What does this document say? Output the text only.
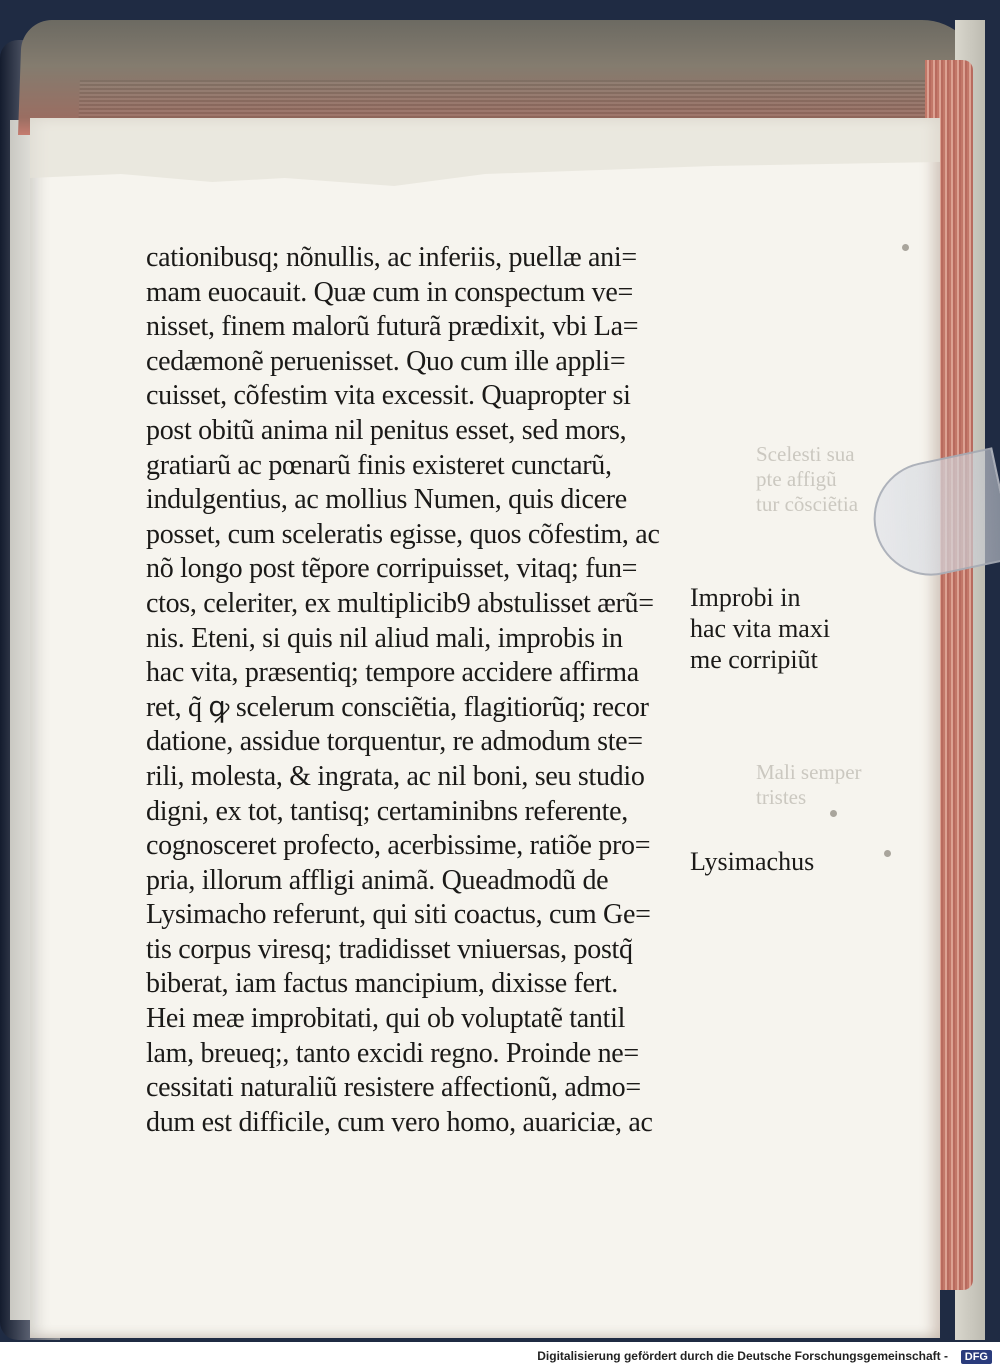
Scelesti sua
pte affigũ
tur cõsciẽtia
Mali semper
tristes
cationibusq; nõnullis, ac inferiis, puellæ ani=
mam euocauit. Quæ cum in conspectum ve=
nisset, finem malorũ futurã prædixit, vbi La=
cedæmonẽ peruenisset. Quo cum ille appli=
cuisset, cõfestim vita excessit. Quapropter si
post obitũ anima nil penitus esset, sed mors,
gratiarũ ac pœnarũ finis existeret cunctarũ,
indulgentius, ac mollius Numen, quis dicere
posset, cum sceleratis egisse, quos cõfestim, ac
nõ longo post tẽpore corripuisset, vitaq; fun=
ctos, celeriter, ex multiplicib9 abstulisset ærũ=
nis. Eteni, si quis nil aliud mali, improbis in
hac vita, præsentiq; tempore accidere affirma
ret, q̃ ꝙ scelerum consciẽtia, flagitiorũq; recor
datione, assidue torquentur, re admodum ste=
rili, molesta, & ingrata, ac nil boni, seu studio
digni, ex tot, tantisq; certaminibns referente,
cognosceret profecto, acerbissime, ratiõe pro=
pria, illorum affligi animã. Queadmodũ de
Lysimacho referunt, qui siti coactus, cum Ge=
tis corpus viresq; tradidisset vniuersas, postq̃
biberat, iam factus mancipium, dixisse fert.
Hei meæ improbitati, qui ob voluptatẽ tantil
lam, breueq;, tanto excidi regno. Proinde ne=
cessitati naturaliũ resistere affectionũ, admo=
dum est difficile, cum vero homo, auariciæ, ac
Improbi in
hac vita maxi
me corripiũt
Lysimachus
Digitalisierung gefördert durch die Deutsche Forschungsgemeinschaft -	DFG
